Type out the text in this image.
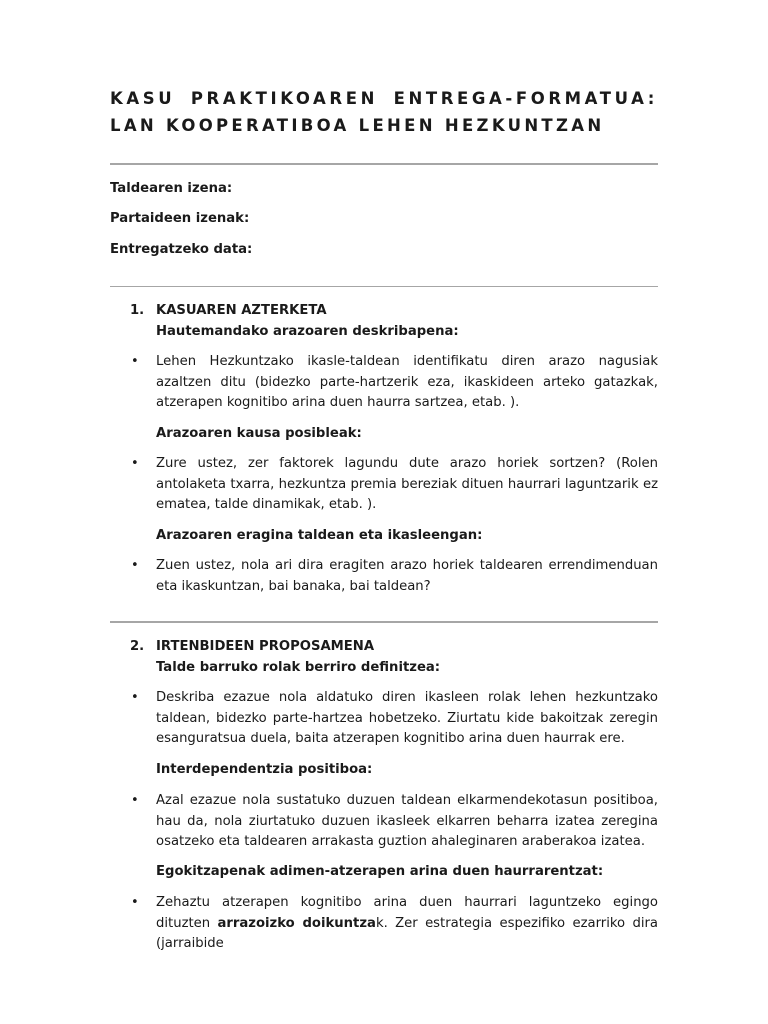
KASU PRAKTIKOAREN ENTREGA-FORMATUA:
LAN KOOPERATIBOA LEHEN HEZKUNTZAN
Taldearen izena:
Partaideen izenak:
Entregatzeko data:
1. KASUAREN AZTERKETA
Hautemandako arazoaren deskribapena:
• Lehen Hezkuntzako ikasle-taldean identifikatu diren arazo nagusiak azaltzen ditu (bidezko parte-hartzerik eza, ikaskideen arteko gatazkak, atzerapen kognitibo arina duen haurra sartzea, etab. ).

Arazoaren kausa posibleak:
• Zure ustez, zer faktorek lagundu dute arazo horiek sortzen? (Rolen antolaketa txarra, hezkuntza premia bereziak dituen haurrari laguntzarik ez ematea, talde dinamikak, etab. ).

Arazoaren eragina taldean eta ikasleengan:
• Zuen ustez, nola ari dira eragiten arazo horiek taldearen errendimenduan eta ikaskuntzan, bai banaka, bai taldean?

2. IRTENBIDEEN PROPOSAMENA
Talde barruko rolak berriro definitzea:
• Deskriba ezazue nola aldatuko diren ikasleen rolak lehen hezkuntzako taldean, bidezko parte-hartzea hobetzeko. Ziurtatu kide bakoitzak zeregin esanguratsua duela, baita atzerapen kognitibo arina duen haurrak ere.

Interdependentzia positiboa:
• Azal ezazue nola sustatuko duzuen taldean elkarmendekotasun positiboa, hau da, nola ziurtatuko duzuen ikasleek elkarren beharra izatea zeregina osatzeko eta taldearen arrakasta guztion ahaleginaren araberakoa izatea.

Egokitzapenak adimen-atzerapen arina duen haurrarentzat:
• Zehaztu atzerapen kognitibo arina duen haurrari laguntzeko egingo dituzten arrazoizko doikuntzak. Zer estrategia espezifiko ezarriko dira (jarraibide
